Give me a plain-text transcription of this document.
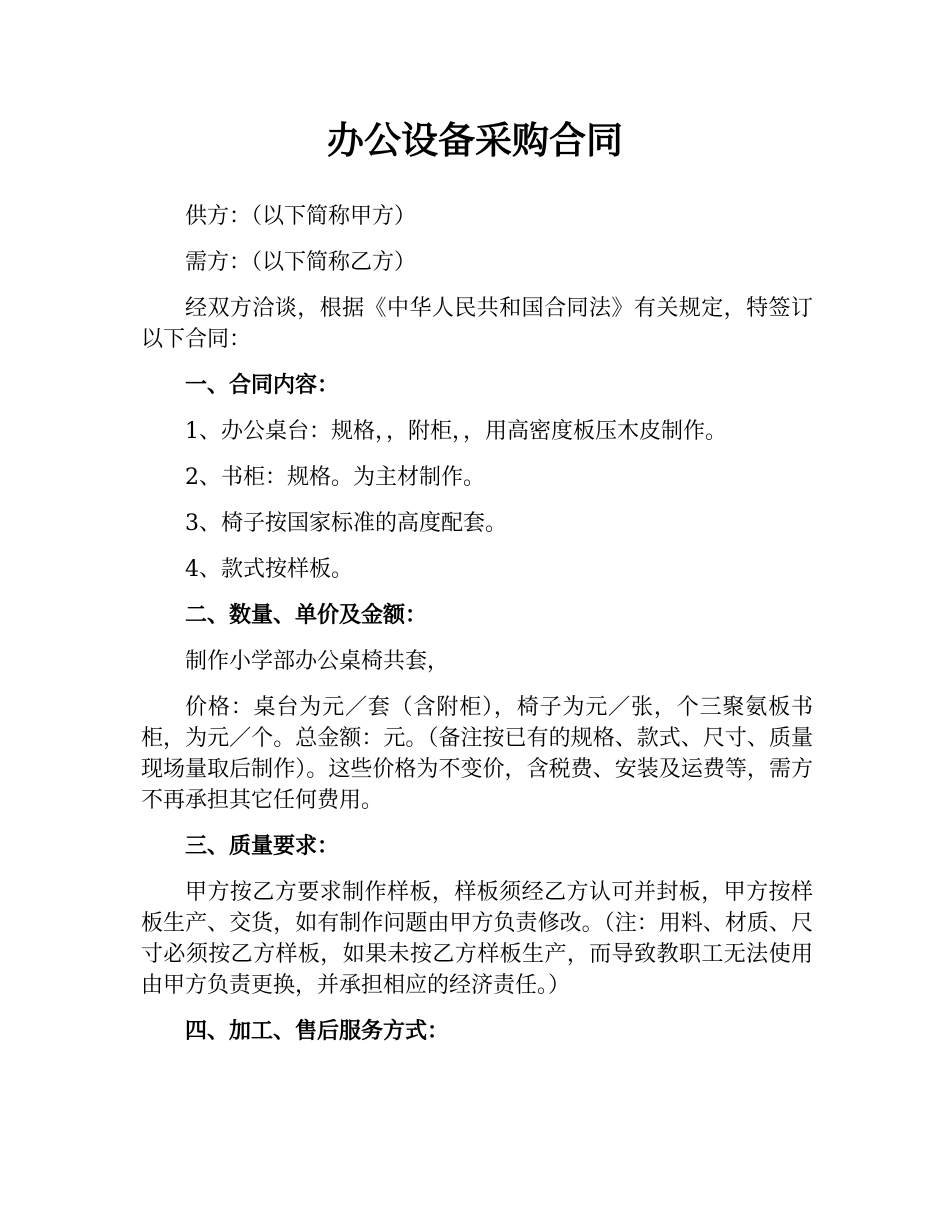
办公设备采购合同

供方：（以下简称甲方）

需方：（以下简称乙方）

经双方洽谈，根据《中华人民共和国合同法》有关规定，特签订以下合同：

一、合同内容：

1、办公桌台：规格，，附柜，，用高密度板压木皮制作。

2、书柜：规格。为主材制作。

3、椅子按国家标准的高度配套。

4、款式按样板。

二、数量、单价及金额：

制作小学部办公桌椅共套，

价格：桌台为元／套（含附柜），椅子为元／张，个三聚氨板书柜，为元／个。总金额：元。（备注按已有的规格、款式、尺寸、质量现场量取后制作）。这些价格为不变价，含税费、安装及运费等，需方不再承担其它任何费用。

三、质量要求：

甲方按乙方要求制作样板，样板须经乙方认可并封板，甲方按样板生产、交货，如有制作问题由甲方负责修改。（注：用料、材质、尺寸必须按乙方样板，如果未按乙方样板生产，而导致教职工无法使用由甲方负责更换，并承担相应的经济责任。）

四、加工、售后服务方式：
